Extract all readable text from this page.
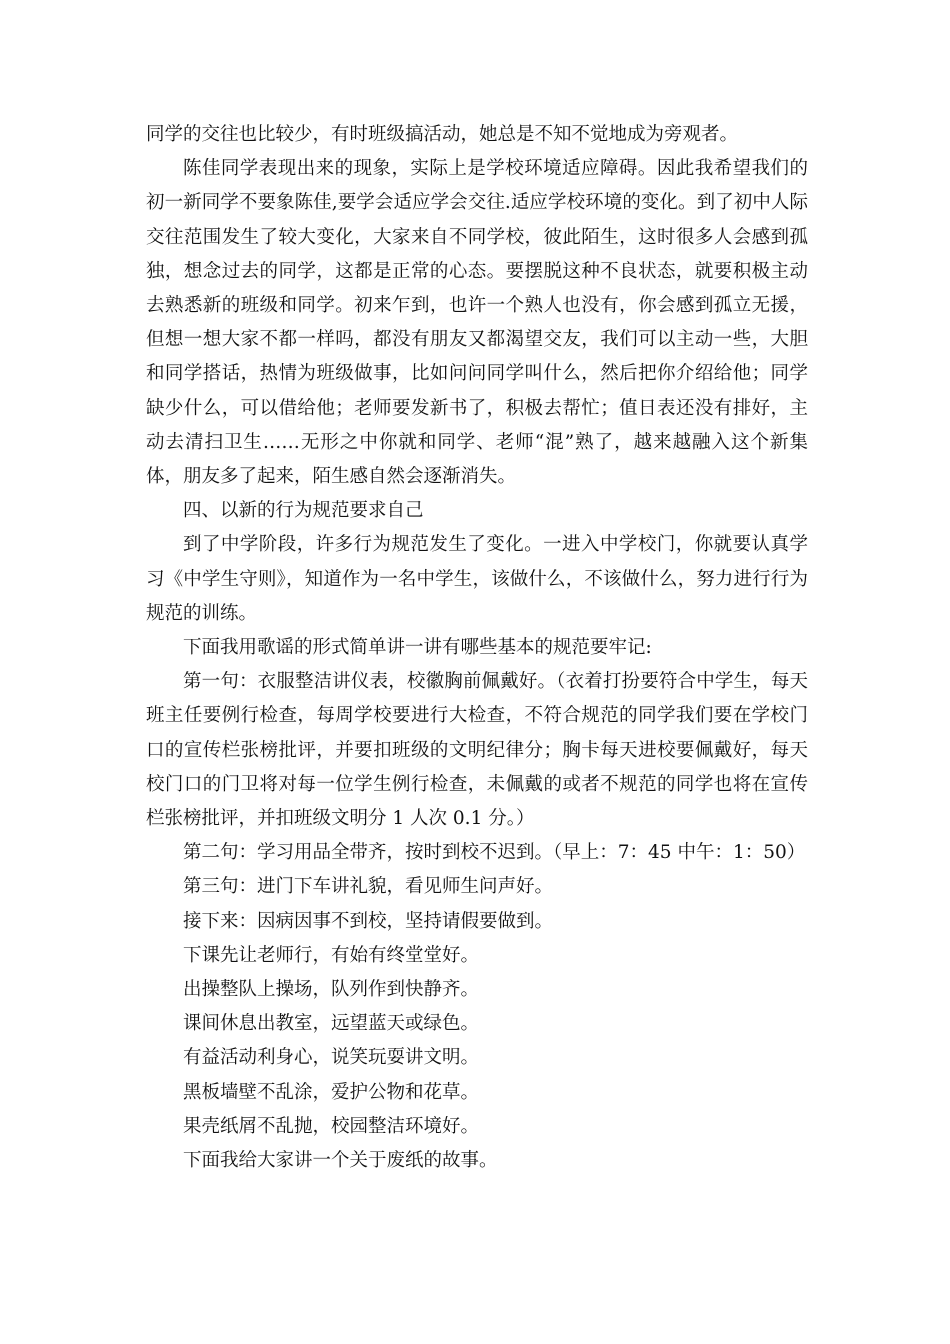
同学的交往也比较少，有时班级搞活动，她总是不知不觉地成为旁观者。

陈佳同学表现出来的现象，实际上是学校环境适应障碍。因此我希望我们的初一新同学不要象陈佳,要学会适应学会交往.适应学校环境的变化。到了初中人际交往范围发生了较大变化，大家来自不同学校，彼此陌生，这时很多人会感到孤独，想念过去的同学，这都是正常的心态。要摆脱这种不良状态，就要积极主动去熟悉新的班级和同学。初来乍到，也许一个熟人也没有，你会感到孤立无援，但想一想大家不都一样吗，都没有朋友又都渴望交友，我们可以主动一些，大胆和同学搭话，热情为班级做事，比如问问同学叫什么，然后把你介绍给他；同学缺少什么，可以借给他；老师要发新书了，积极去帮忙；值日表还没有排好，主动去清扫卫生……无形之中你就和同学、老师“混”熟了，越来越融入这个新集体，朋友多了起来，陌生感自然会逐渐消失。

四、以新的行为规范要求自己

到了中学阶段，许多行为规范发生了变化。一进入中学校门，你就要认真学习《中学生守则》，知道作为一名中学生，该做什么，不该做什么，努力进行行为规范的训练。

下面我用歌谣的形式简单讲一讲有哪些基本的规范要牢记:

第一句：衣服整洁讲仪表，校徽胸前佩戴好。（衣着打扮要符合中学生，每天班主任要例行检查，每周学校要进行大检查，不符合规范的同学我们要在学校门口的宣传栏张榜批评，并要扣班级的文明纪律分；胸卡每天进校要佩戴好，每天校门口的门卫将对每一位学生例行检查，未佩戴的或者不规范的同学也将在宣传栏张榜批评，并扣班级文明分 1 人次 0.1 分。）

第二句：学习用品全带齐，按时到校不迟到。（早上：7：45 中午：1：50）

第三句：进门下车讲礼貌，看见师生问声好。

接下来：因病因事不到校，坚持请假要做到。

下课先让老师行，有始有终堂堂好。

出操整队上操场，队列作到快静齐。

课间休息出教室，远望蓝天或绿色。

有益活动利身心，说笑玩耍讲文明。

黑板墙壁不乱涂，爱护公物和花草。

果壳纸屑不乱抛，校园整洁环境好。

下面我给大家讲一个关于废纸的故事。
